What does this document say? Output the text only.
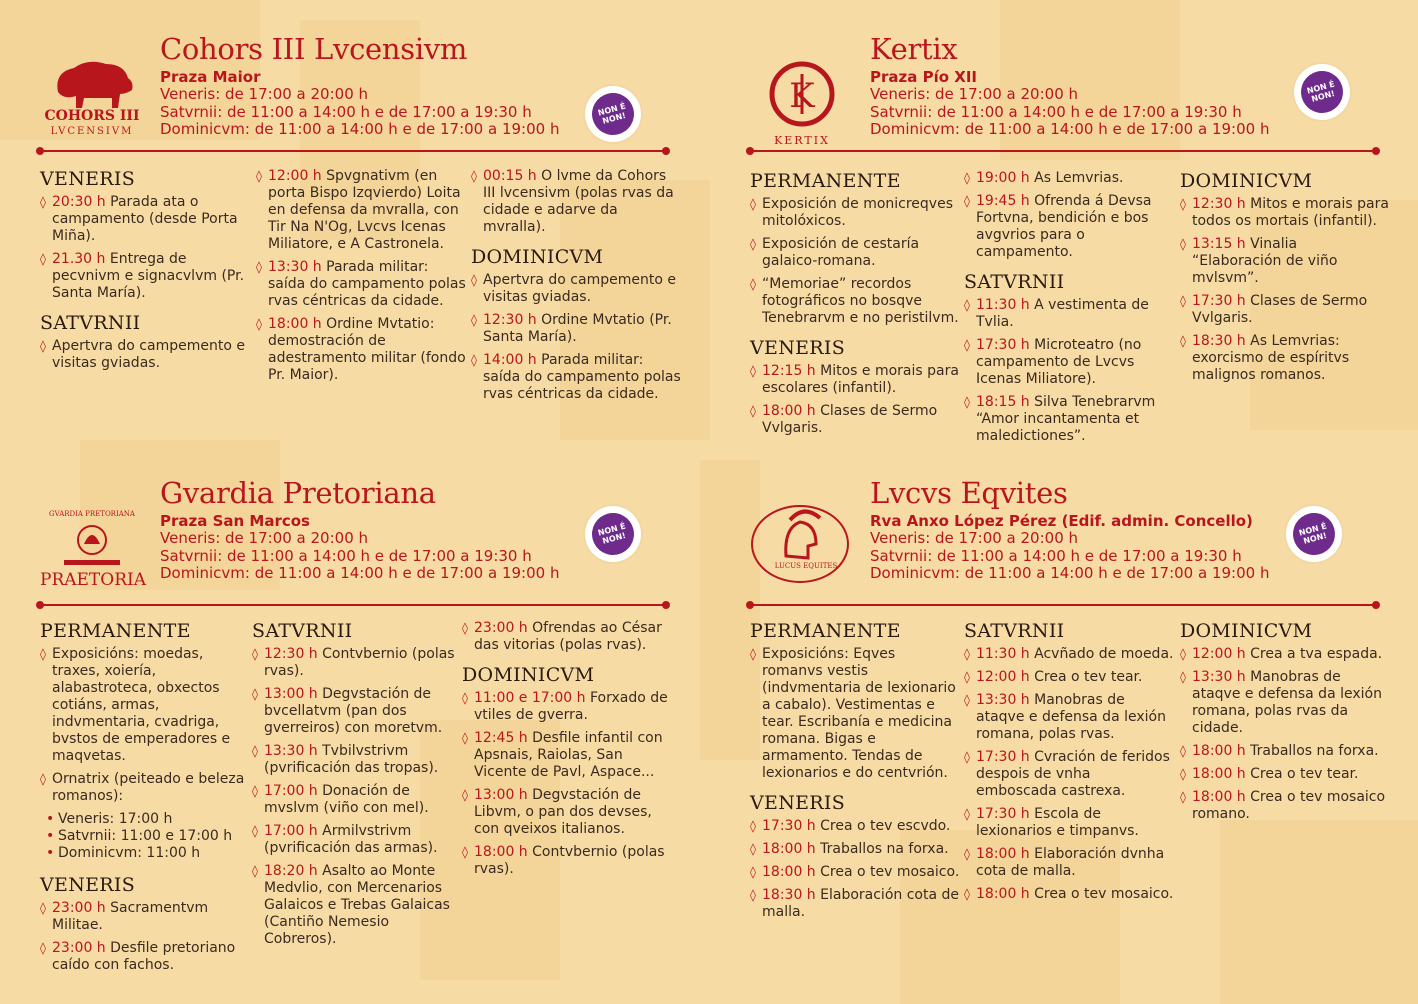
COHORS III
LVCENSIVM
Cohors III Lvcensivm
Praza Maior
Veneris: de 17:00 a 20:00 h
Satvrnii: de 11:00 a 14:00 h e de 17:00 a 19:30 h
Dominicvm: de 11:00 a 14:00 h e de 17:00 a 19:00 h
NON É NON!
VENERIS
◊ 20:30 h Parada ata o campamento (desde Porta Miña).
◊ 21.30 h Entrega de pecvnivm e signacvlvm (Pr. Santa María).
SATVRNII
◊ Apertvra do campemento e visitas gviadas.
◊ 12:00 h Spvgnativm (en porta Bispo Izqvierdo) Loita en defensa da mvralla, con Tir Na N'Og, Lvcvs Icenas Miliatore, e A Castronela.
◊ 13:30 h Parada militar: saída do campamento polas rvas céntricas da cidade.
◊ 18:00 h Ordine Mvtatio: demostración de adestramento militar (fondo Pr. Maior).
◊ 00:15 h O lvme da Cohors III lvcensivm (polas rvas da cidade e adarve da mvralla).
DOMINICVM
◊ Apertvra do campemento e visitas gviadas.
◊ 12:30 h Ordine Mvtatio (Pr. Santa María).
◊ 14:00 h Parada militar: saída do campamento polas rvas céntricas da cidade.
K
KERTIX
Kertix
Praza Pío XII
Veneris: de 17:00 a 20:00 h
Satvrnii: de 11:00 a 14:00 h e de 17:00 a 19:30 h
Dominicvm: de 11:00 a 14:00 h e de 17:00 a 19:00 h
NON É NON!
PERMANENTE
◊ Exposición de monicreqves mitolóxicos.
◊ Exposición de cestaría galaico-romana.
◊ “Memoriae” recordos fotográficos no bosqve Tenebrarvm e no peristilvm.
VENERIS
◊ 12:15 h Mitos e morais para escolares (infantil).
◊ 18:00 h Clases de Sermo Vvlgaris.
◊ 19:00 h As Lemvrias.
◊ 19:45 h Ofrenda á Devsa Fortvna, bendición e bos avgvrios para o campamento.
SATVRNII
◊ 11:30 h A vestimenta de Tvlia.
◊ 17:30 h Microteatro (no campamento de Lvcvs Icenas Miliatore).
◊ 18:15 h Silva Tenebrarvm “Amor incantamenta et maledictiones”.
DOMINICVM
◊ 12:30 h Mitos e morais para todos os mortais (infantil).
◊ 13:15 h Vinalia “Elaboración de viño mvlsvm”.
◊ 17:30 h Clases de Sermo Vvlgaris.
◊ 18:30 h As Lemvrias: exorcismo de espíritvs malignos romanos.
GVARDIA PRETORIANA
PRAETORIA
Gvardia Pretoriana
Praza San Marcos
Veneris: de 17:00 a 20:00 h
Satvrnii: de 11:00 a 14:00 h e de 17:00 a 19:30 h
Dominicvm: de 11:00 a 14:00 h e de 17:00 a 19:00 h
NON É NON!
PERMANENTE
◊ Exposicións: moedas, traxes, xoiería, alabastroteca, obxectos cotiáns, armas, indvmentaria, cvadriga, bvstos de emperadores e maqvetas.
◊ Ornatrix (peiteado e beleza romanos):
• Veneris: 17:00 h
• Satvrnii: 11:00 e 17:00 h
• Dominicvm: 11:00 h
VENERIS
◊ 23:00 h Sacramentvm Militae.
◊ 23:00 h Desfile pretoriano caído con fachos.
SATVRNII
◊ 12:30 h Contvbernio (polas rvas).
◊ 13:00 h Degvstación de bvcellatvm (pan dos gverreiros) con moretvm.
◊ 13:30 h Tvbilvstrivm (pvrificación das tropas).
◊ 17:00 h Donación de mvslvm (viño con mel).
◊ 17:00 h Armilvstrivm (pvrificación das armas).
◊ 18:20 h Asalto ao Monte Medvlio, con Mercenarios Galaicos e Trebas Galaicas (Cantiño Nemesio Cobreros).
◊ 23:00 h Ofrendas ao César das vitorias (polas rvas).
DOMINICVM
◊ 11:00 e 17:00 h Forxado de vtiles de gverra.
◊ 12:45 h Desfile infantil con Apsnais, Raiolas, San Vicente de Pavl, Aspace...
◊ 13:00 h Degvstación de Libvm, o pan dos devses, con qveixos italianos.
◊ 18:00 h Contvbernio (polas rvas).
LUCUS EQUITES
Lvcvs Eqvites
Rva Anxo López Pérez (Edif. admin. Concello)
Veneris: de 17:00 a 20:00 h
Satvrnii: de 11:00 a 14:00 h e de 17:00 a 19:30 h
Dominicvm: de 11:00 a 14:00 h e de 17:00 a 19:00 h
NON É NON!
PERMANENTE
◊ Exposicións: Eqves romanvs vestis (indvmentaria de lexionario a cabalo). Vestimentas e tear. Escribanía e medicina romana. Bigas e armamento. Tendas de lexionarios e do centvrión.
VENERIS
◊ 17:30 h Crea o tev escvdo.
◊ 18:00 h Traballos na forxa.
◊ 18:00 h Crea o tev mosaico.
◊ 18:30 h Elaboración cota de malla.
SATVRNII
◊ 11:30 h Acvñado de moeda.
◊ 12:00 h Crea o tev tear.
◊ 13:30 h Manobras de ataqve e defensa da lexión romana, polas rvas.
◊ 17:30 h Cvración de feridos despois de vnha emboscada castrexa.
◊ 17:30 h Escola de lexionarios e timpanvs.
◊ 18:00 h Elaboración dvnha cota de malla.
◊ 18:00 h Crea o tev mosaico.
DOMINICVM
◊ 12:00 h Crea a tva espada.
◊ 13:30 h Manobras de ataqve e defensa da lexión romana, polas rvas da cidade.
◊ 18:00 h Traballos na forxa.
◊ 18:00 h Crea o tev tear.
◊ 18:00 h Crea o tev mosaico romano.
